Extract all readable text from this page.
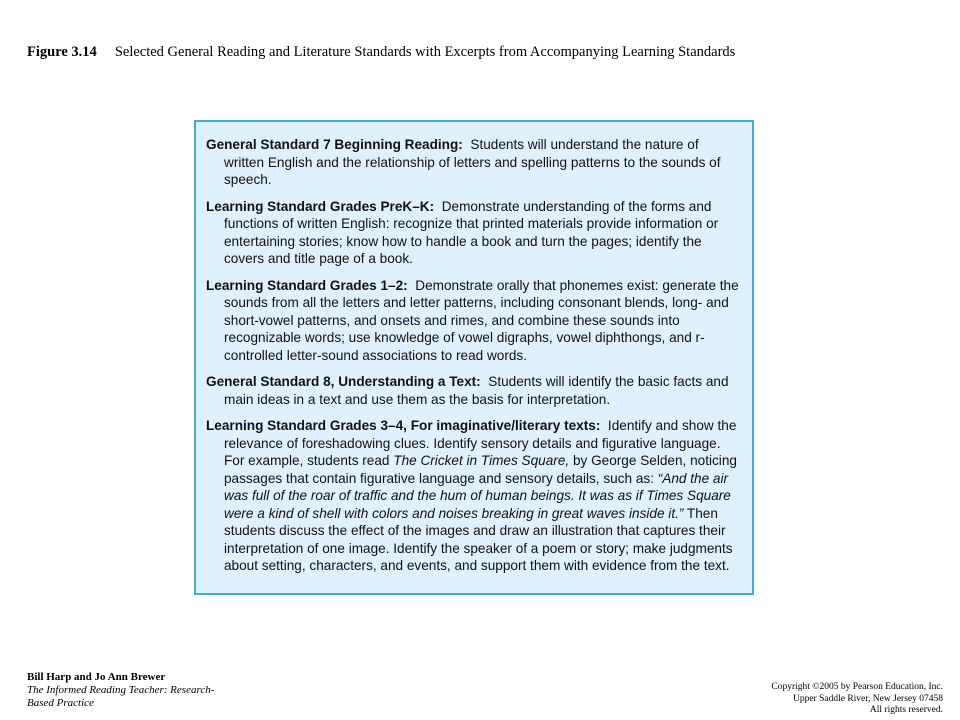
Figure 3.14 Selected General Reading and Literature Standards with Excerpts from Accompanying Learning Standards

General Standard 7 Beginning Reading: Students will understand the nature of written English and the relationship of letters and spelling patterns to the sounds of speech.

Learning Standard Grades PreK–K: Demonstrate understanding of the forms and functions of written English: recognize that printed materials provide information or entertaining stories; know how to handle a book and turn the pages; identify the covers and title page of a book.

Learning Standard Grades 1–2: Demonstrate orally that phonemes exist: generate the sounds from all the letters and letter patterns, including consonant blends, long- and short-vowel patterns, and onsets and rimes, and combine these sounds into recognizable words; use knowledge of vowel digraphs, vowel diphthongs, and r-controlled letter-sound associations to read words.

General Standard 8, Understanding a Text: Students will identify the basic facts and main ideas in a text and use them as the basis for interpretation.

Learning Standard Grades 3–4, For imaginative/literary texts: Identify and show the relevance of foreshadowing clues. Identify sensory details and figurative language. For example, students read The Cricket in Times Square, by George Selden, noticing passages that contain figurative language and sensory details, such as: “And the air was full of the roar of traffic and the hum of human beings. It was as if Times Square were a kind of shell with colors and noises breaking in great waves inside it.” Then students discuss the effect of the images and draw an illustration that captures their interpretation of one image. Identify the speaker of a poem or story; make judgments about setting, characters, and events, and support them with evidence from the text.

Bill Harp and Jo Ann Brewer
The Informed Reading Teacher: Research-
Based Practice
Copyright ©2005 by Pearson Education, Inc.
Upper Saddle River, New Jersey 07458
All rights reserved.
